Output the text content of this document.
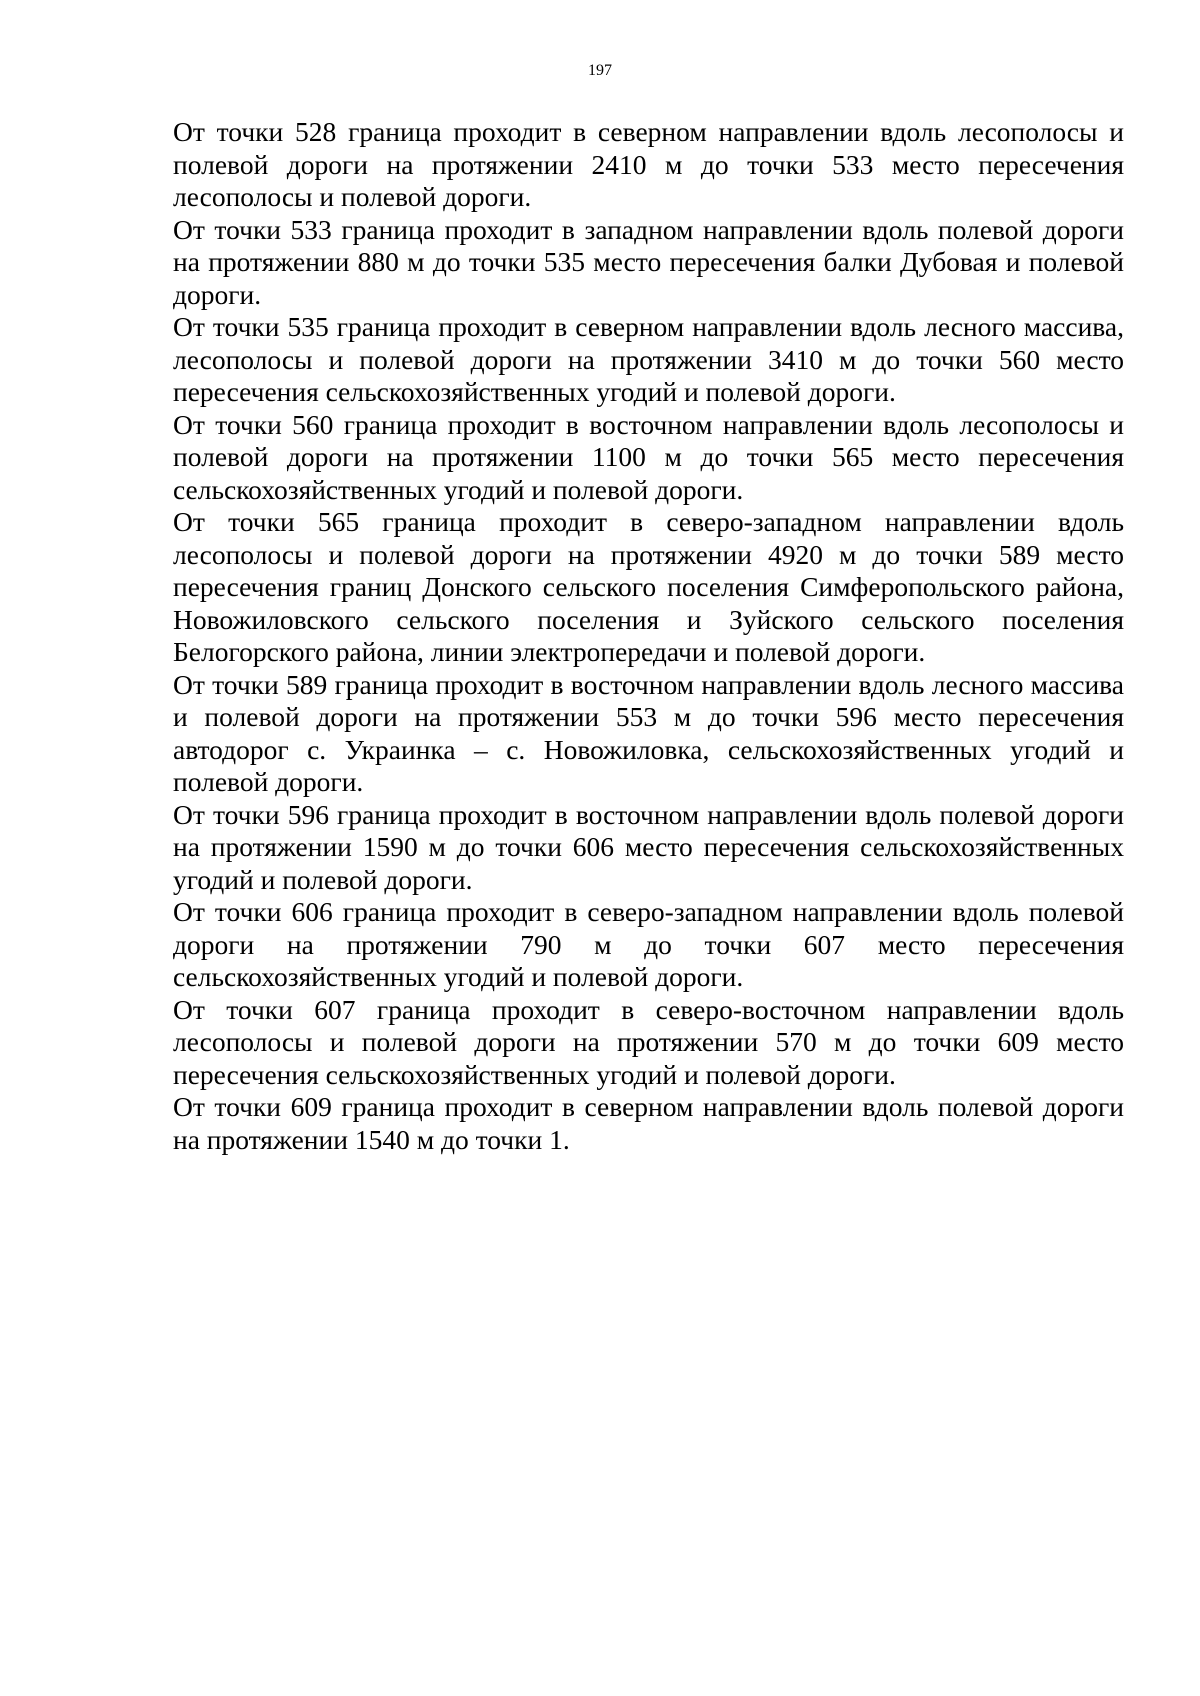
197

От точки 528 граница проходит в северном направлении вдоль лесополосы и полевой дороги на протяжении 2410 м до точки 533 место пересечения лесополосы и полевой дороги.

От точки 533 граница проходит в западном направлении вдоль полевой дороги на протяжении 880 м до точки 535 место пересечения балки Дубовая и полевой дороги.

От точки 535 граница проходит в северном направлении вдоль лесного массива, лесополосы и полевой дороги на протяжении 3410 м до точки 560 место пересечения сельскохозяйственных угодий и полевой дороги.

От точки 560 граница проходит в восточном направлении вдоль лесополосы и полевой дороги на протяжении 1100 м до точки 565 место пересечения сельскохозяйственных угодий и полевой дороги.

От точки 565 граница проходит в северо-западном направлении вдоль лесополосы и полевой дороги на протяжении 4920 м до точки 589 место пересечения границ Донского сельского поселения Симферопольского района, Новожиловского сельского поселения и Зуйского сельского поселения Белогорского района, линии электропередачи и полевой дороги.

От точки 589 граница проходит в восточном направлении вдоль лесного массива и полевой дороги на протяжении 553 м до точки 596 место пересечения автодорог с. Украинка – с. Новожиловка, сельскохозяйственных угодий и полевой дороги.

От точки 596 граница проходит в восточном направлении вдоль полевой дороги на протяжении 1590 м до точки 606 место пересечения сельскохозяйственных угодий и полевой дороги.

От точки 606 граница проходит в северо-западном направлении вдоль полевой дороги на протяжении 790 м до точки 607 место пересечения сельскохозяйственных угодий и полевой дороги.

От точки 607 граница проходит в северо-восточном направлении вдоль лесополосы и полевой дороги на протяжении 570 м до точки 609 место пересечения сельскохозяйственных угодий и полевой дороги.

От точки 609 граница проходит в северном направлении вдоль полевой дороги на протяжении 1540 м до точки 1.
